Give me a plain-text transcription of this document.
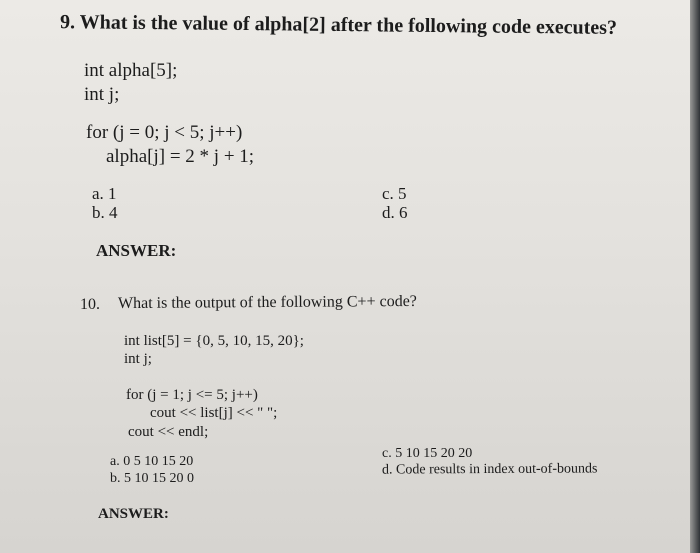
9. What is the value of alpha[2] after the following code executes?
int alpha[5];
int j;
for (j = 0; j < 5; j++)
alpha[j] = 2 * j + 1;
a. 1
b. 4
c. 5
d. 6
ANSWER:
10. What is the output of the following C++ code?
int list[5] = {0, 5, 10, 15, 20};
int j;
for (j = 1; j <= 5; j++)
cout << list[j] << " ";
cout << endl;
a. 0 5 10 15 20
b. 5 10 15 20 0
c. 5 10 15 20 20
d. Code results in index out-of-bounds
ANSWER:
